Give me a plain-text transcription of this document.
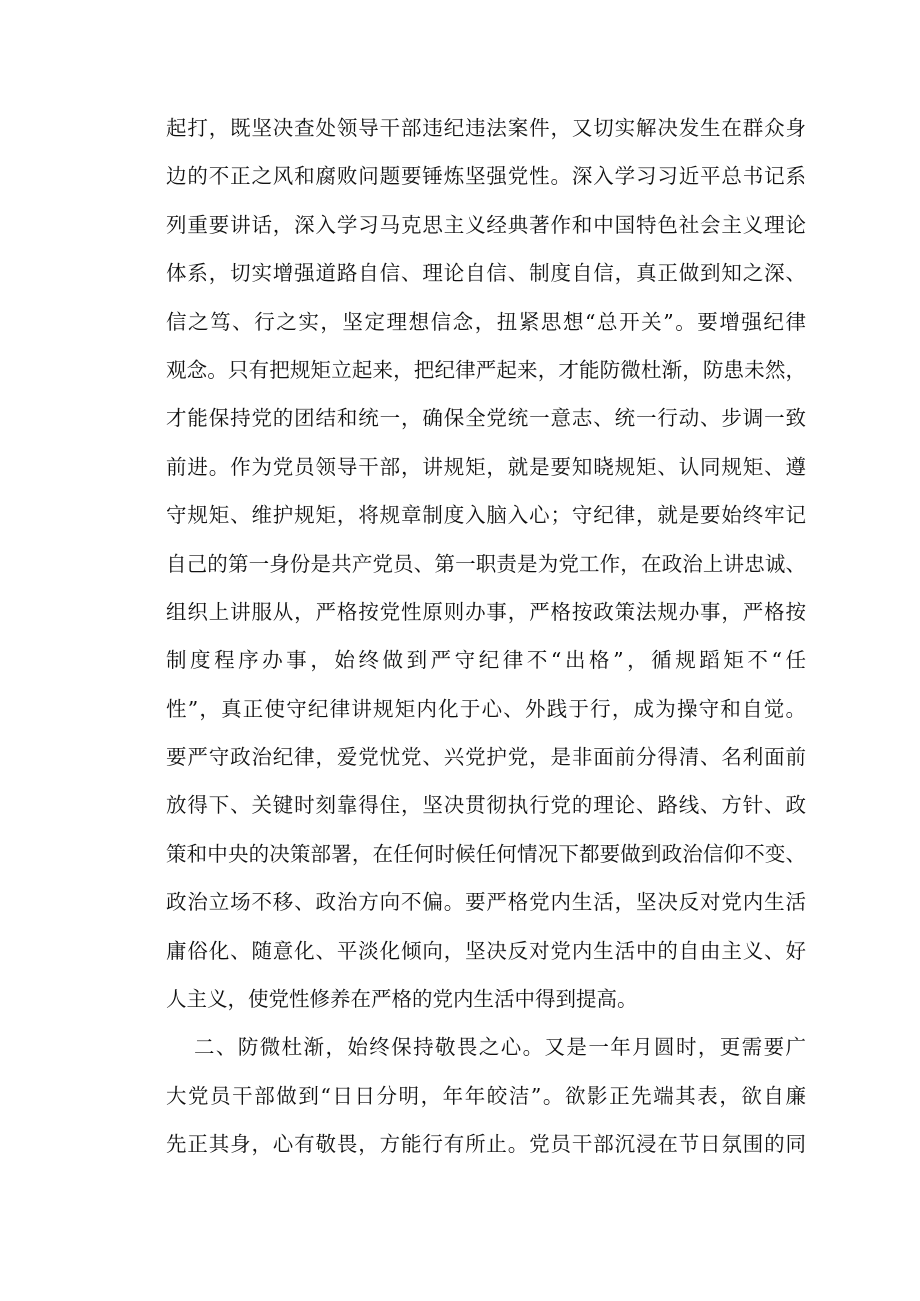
起打，既坚决查处领导干部违纪违法案件，又切实解决发生在群众身
边的不正之风和腐败问题要锤炼坚强党性。深入学习习近平总书记系
列重要讲话，深入学习马克思主义经典著作和中国特色社会主义理论
体系，切实增强道路自信、理论自信、制度自信，真正做到知之深、
信之笃、行之实，坚定理想信念，扭紧思想“总开关”。要增强纪律
观念。只有把规矩立起来，把纪律严起来，才能防微杜渐，防患未然，
才能保持党的团结和统一，确保全党统一意志、统一行动、步调一致
前进。作为党员领导干部，讲规矩，就是要知晓规矩、认同规矩、遵
守规矩、维护规矩，将规章制度入脑入心；守纪律，就是要始终牢记
自己的第一身份是共产党员、第一职责是为党工作，在政治上讲忠诚、
组织上讲服从，严格按党性原则办事，严格按政策法规办事，严格按
制度程序办事，始终做到严守纪律不“出格”，循规蹈矩不“任
性”，真正使守纪律讲规矩内化于心、外践于行，成为操守和自觉。
要严守政治纪律，爱党忧党、兴党护党，是非面前分得清、名利面前
放得下、关键时刻靠得住，坚决贯彻执行党的理论、路线、方针、政
策和中央的决策部署，在任何时候任何情况下都要做到政治信仰不变、
政治立场不移、政治方向不偏。要严格党内生活，坚决反对党内生活
庸俗化、随意化、平淡化倾向，坚决反对党内生活中的自由主义、好
人主义，使党性修养在严格的党内生活中得到提高。
二、防微杜渐，始终保持敬畏之心。又是一年月圆时，更需要广
大党员干部做到“日日分明，年年皎洁”。欲影正先端其表，欲自廉
先正其身，心有敬畏，方能行有所止。党员干部沉浸在节日氛围的同
